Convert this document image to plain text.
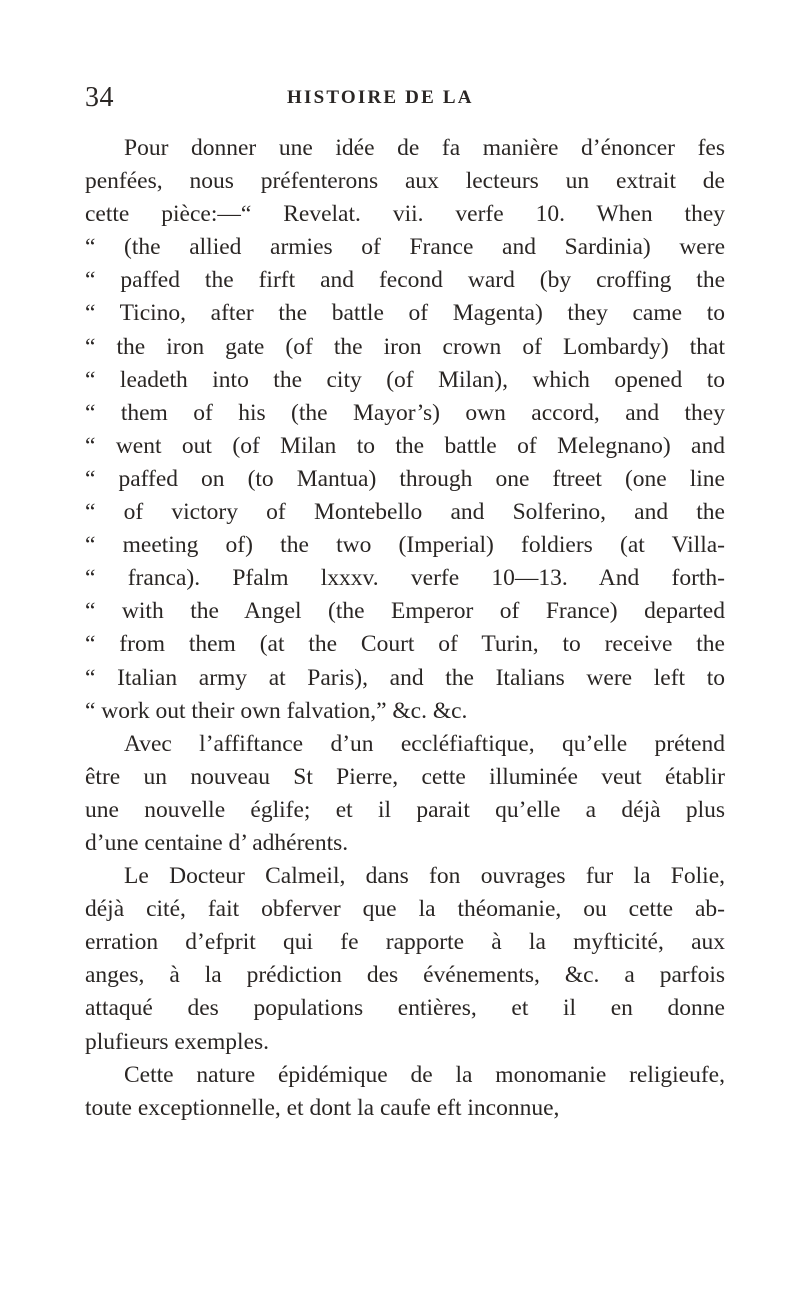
34	HISTOIRE DE LA
Pour donner une idée de fa manière d’énoncer fes
penfées, nous préfenterons aux lecteurs un extrait de
cette pièce:—“ Revelat. vii. verfe 10. When they
“ (the allied armies of France and Sardinia) were
“ paffed the firft and fecond ward (by croffing the
“ Ticino, after the battle of Magenta) they came to
“ the iron gate (of the iron crown of Lombardy) that
“ leadeth into the city (of Milan), which opened to
“ them of his (the Mayor’s) own accord, and they
“ went out (of Milan to the battle of Melegnano) and
“ paffed on (to Mantua) through one ftreet (one line
“ of victory of Montebello and Solferino, and the
“ meeting of) the two (Imperial) foldiers (at Villa-
“ franca). Pfalm lxxxv. verfe 10—13. And forth-
“ with the Angel (the Emperor of France) departed
“ from them (at the Court of Turin, to receive the
“ Italian army at Paris), and the Italians were left to
“ work out their own falvation,” &c. &c.
Avec l’affiftance d’un eccléfiaftique, qu’elle prétend
être un nouveau St Pierre, cette illuminée veut établir
une nouvelle églife; et il parait qu’elle a déjà plus
d’une centaine d’ adhérents.
Le Docteur Calmeil, dans fon ouvrages fur la Folie,
déjà cité, fait obferver que la théomanie, ou cette ab-
erration d’efprit qui fe rapporte à la myfticité, aux
anges, à la prédiction des événements, &c. a parfois
attaqué des populations entières, et il en donne
plufieurs exemples.
Cette nature épidémique de la monomanie religieufe,
toute exceptionnelle, et dont la caufe eft inconnue,
